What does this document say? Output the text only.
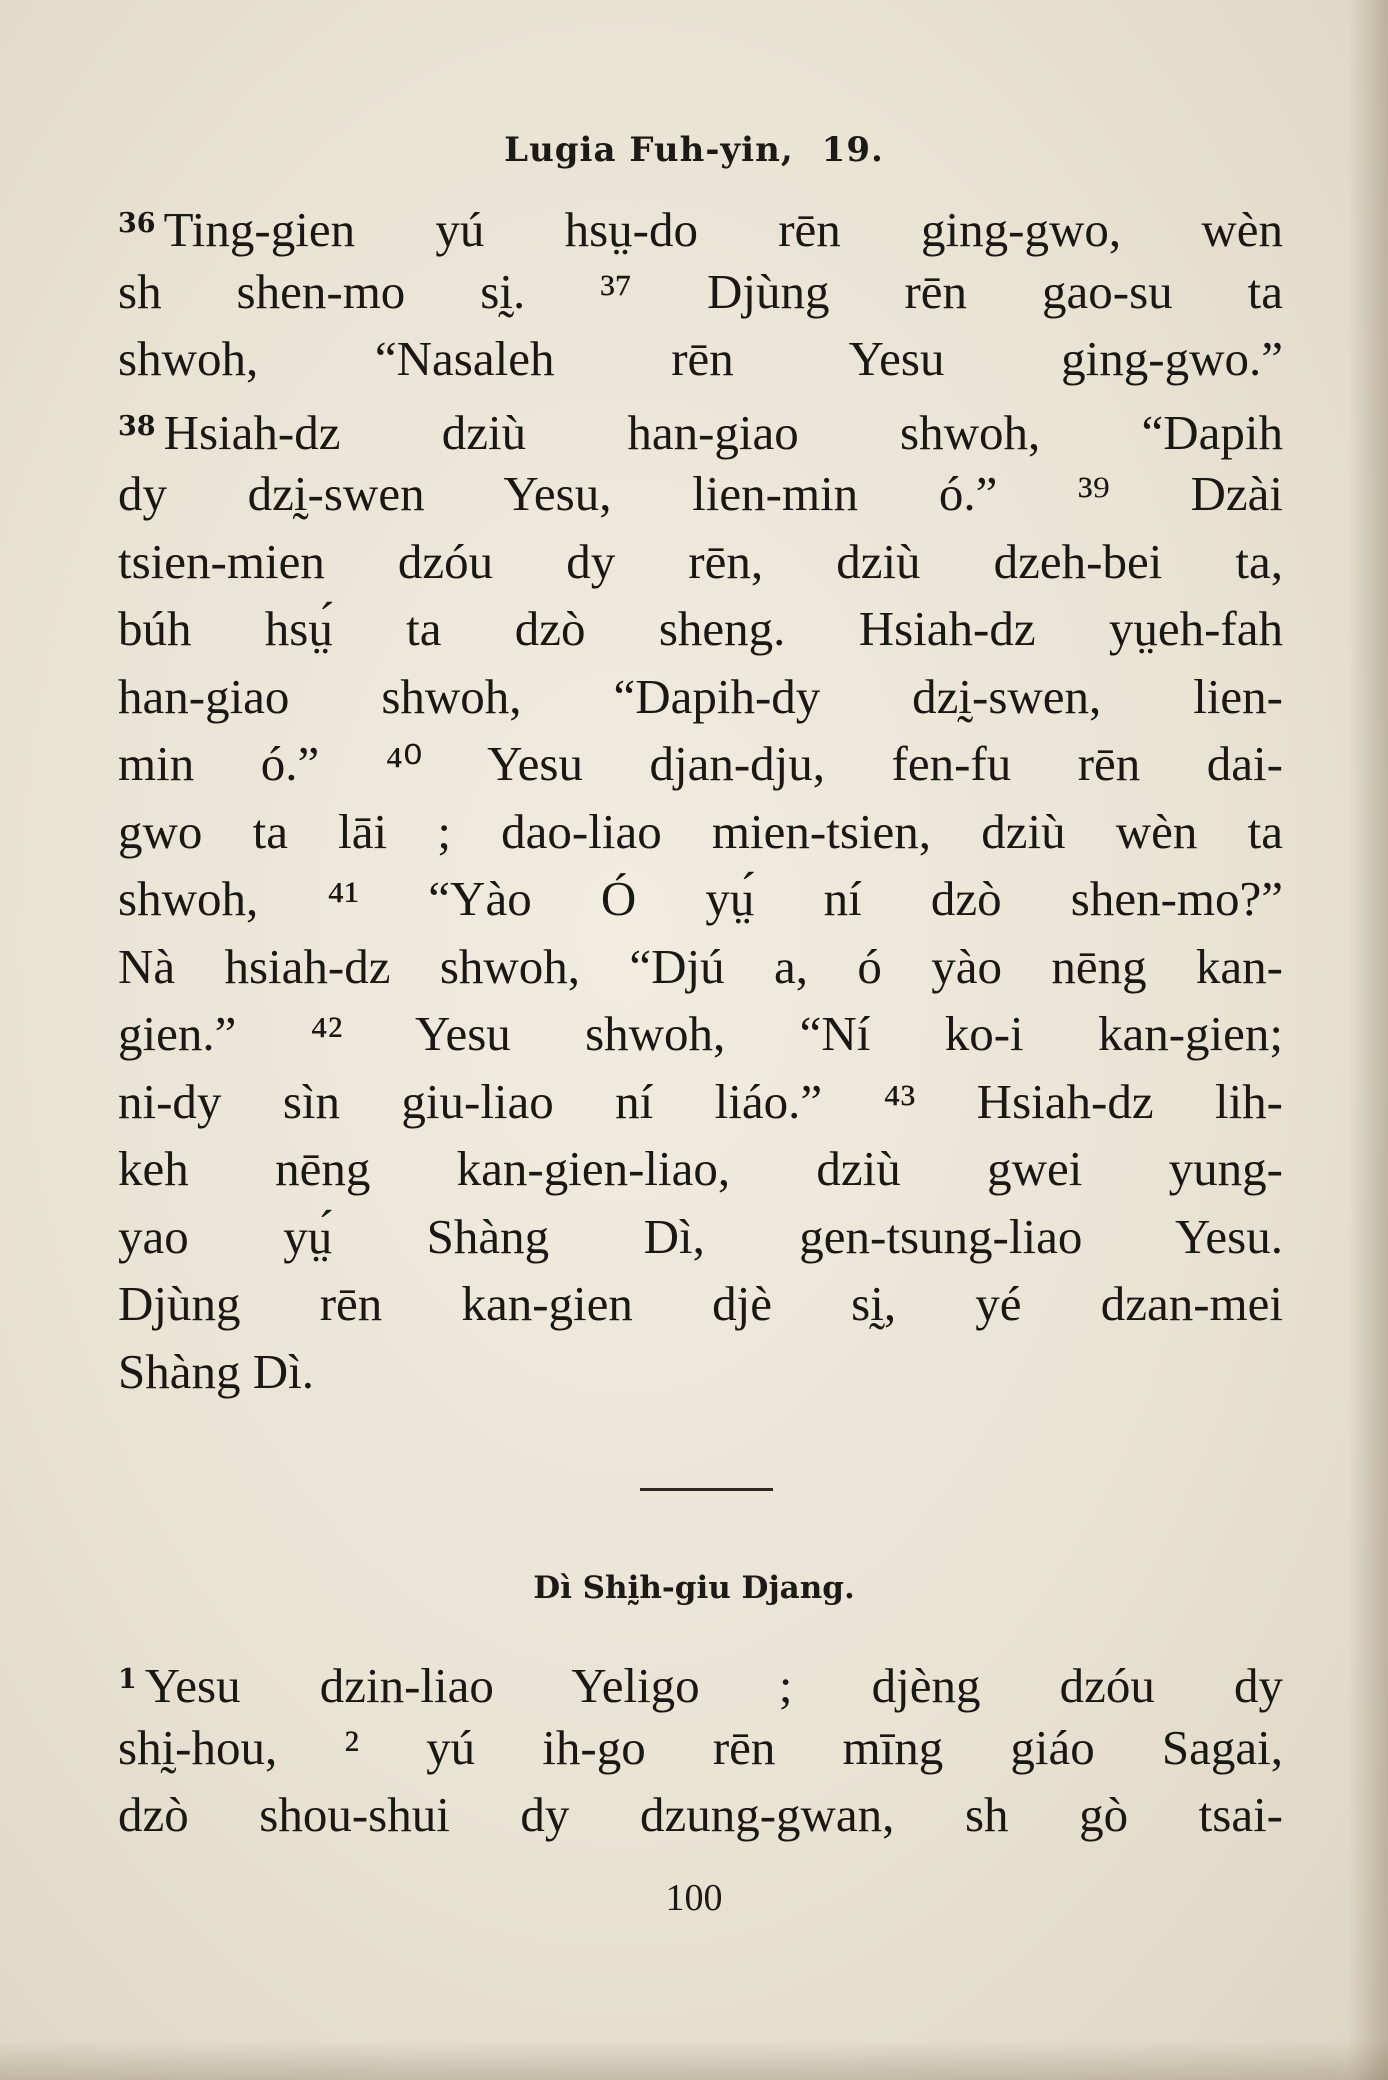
Lugia Fuh-yin, 19.
$^{36}$ Ting-gien yú hsṳ-do rēn ging-gwo, wèn
sh shen-mo sḭ. ³⁷ Djùng rēn gao-su ta
shwoh, “Nasaleh rēn Yesu ging-gwo.”
$^{38}$ Hsiah-dz dziù han-giao shwoh, “Dapih
dy dzḭ-swen Yesu, lien-min ó.” ³⁹ Dzài
tsien-mien dzóu dy rēn, dziù dzeh-bei ta,
búh hsṳ́ ta dzò sheng. Hsiah-dz yṳeh-fah
han-giao shwoh, “Dapih-dy dzḭ-swen, lien-
min ó.” ⁴⁰ Yesu djan-dju, fen-fu rēn dai-
gwo ta lāi ; dao-liao mien-tsien, dziù wèn ta
shwoh, ⁴¹ “Yào Ó yṳ́ ní dzò shen-mo?”
Nà hsiah-dz shwoh, “Djú a, ó yào nēng kan-
gien.” ⁴² Yesu shwoh, “Ní ko-i kan-gien;
ni-dy sìn giu-liao ní liáo.” ⁴³ Hsiah-dz lih-
keh nēng kan-gien-liao, dziù gwei yung-
yao yṳ́ Shàng Dì, gen-tsung-liao Yesu.
Djùng rēn kan-gien djè sḭ, yé dzan-mei
Shàng Dì.
Dì Shḭh-giu Djang.
$^1$ Yesu dzin-liao Yeligo ; djèng dzóu dy
shḭ-hou, ² yú ih-go rēn mīng giáo Sagai,
dzò shou-shui dy dzung-gwan, sh gò tsai-
100
